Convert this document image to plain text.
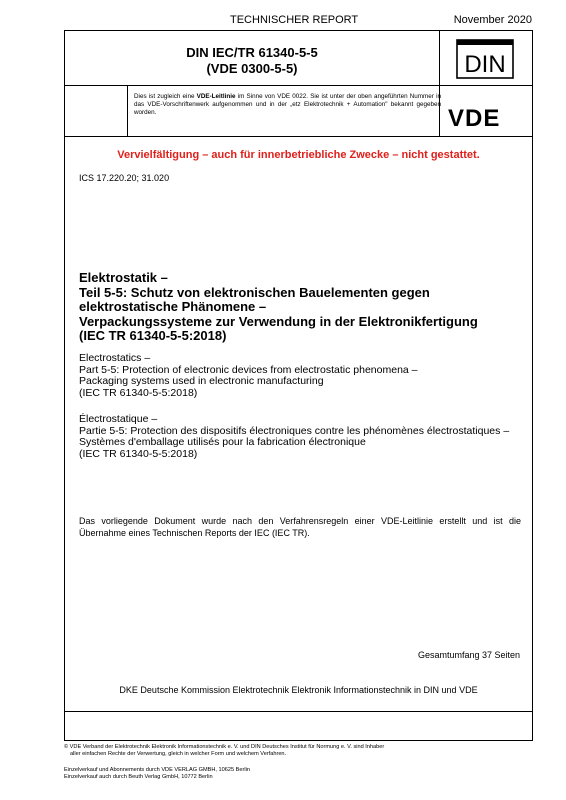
TECHNISCHER REPORT	November 2020
DIN IEC/TR 61340-5-5
(VDE 0300-5-5)	DIN
Dies ist zugleich eine VDE-Leitlinie im Sinne von VDE 0022. Sie ist unter der oben angeführten Nummer in das VDE-Vorschriftenwerk aufgenommen und in der „etz Elektrotechnik + Automation" bekannt gegeben worden.	VDE
Vervielfältigung – auch für innerbetriebliche Zwecke – nicht gestattet.
ICS 17.220.20; 31.020
Elektrostatik –
Teil 5-5: Schutz von elektronischen Bauelementen gegen elektrostatische Phänomene –
Verpackungssysteme zur Verwendung in der Elektronikfertigung
(IEC TR 61340-5-5:2018)
Electrostatics –
Part 5-5: Protection of electronic devices from electrostatic phenomena –
Packaging systems used in electronic manufacturing
(IEC TR 61340-5-5:2018)
Électrostatique –
Partie 5-5: Protection des dispositifs électroniques contre les phénomènes électrostatiques –
Systèmes d'emballage utilisés pour la fabrication électronique
(IEC TR 61340-5-5:2018)
Das vorliegende Dokument wurde nach den Verfahrensregeln einer VDE-Leitlinie erstellt und ist die Übernahme eines Technischen Reports der IEC (IEC TR).
Gesamtumfang 37 Seiten
DKE Deutsche Kommission Elektrotechnik Elektronik Informationstechnik in DIN und VDE
© VDE Verband der Elektrotechnik Elektronik Informationstechnik e. V. und DIN Deutsches Institut für Normung e. V. sind Inhaber
aller einfachen Rechte der Verwertung, gleich in welcher Form und welchem Verfahren.
Einzelverkauf und Abonnements durch VDE VERLAG GMBH, 10625 Berlin
Einzelverkauf auch durch Beuth Verlag GmbH, 10772 Berlin
